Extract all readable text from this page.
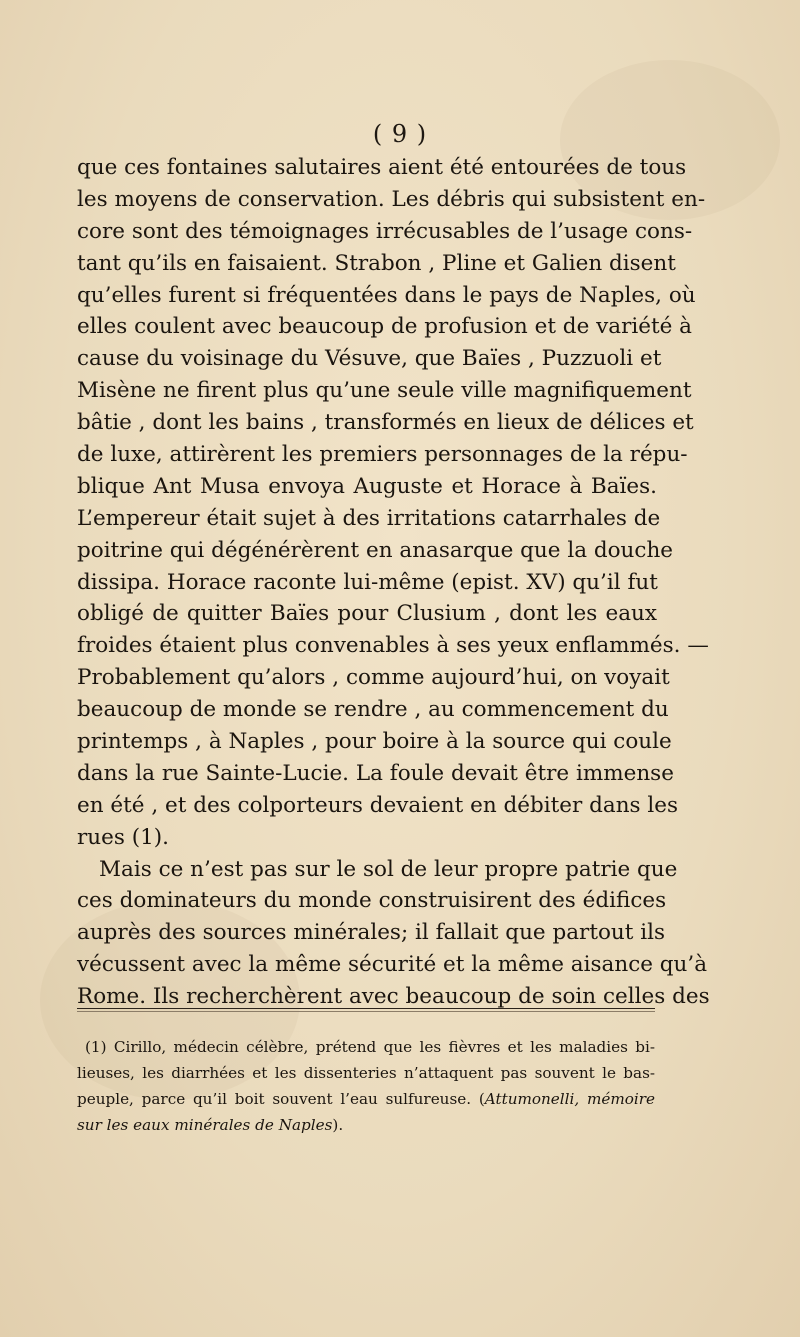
( 9 )
que ces fontaines salutaires aient été entourées de tous
les moyens de conservation. Les débris qui subsistent en-
core sont des témoignages irrécusables de l’usage cons-
tant qu’ils en faisaient. Strabon , Pline et Galien disent
qu’elles furent si fréquentées dans le pays de Naples, où
elles coulent avec beaucoup de profusion et de variété à
cause du voisinage du Vésuve, que Baïes , Puzzuoli et
Misène ne firent plus qu’une seule ville magnifiquement
bâtie , dont les bains , transformés en lieux de délices et
de luxe, attirèrent les premiers personnages de la répu-
blique Ant Musa envoya Auguste et Horace à Baïes.
L’empereur était sujet à des irritations catarrhales de
poitrine qui dégénérèrent en anasarque que la douche
dissipa. Horace raconte lui-même (epist. XV) qu’il fut
obligé de quitter Baïes pour Clusium , dont les eaux
froides étaient plus convenables à ses yeux enflammés. —
Probablement qu’alors , comme aujourd’hui, on voyait
beaucoup de monde se rendre , au commencement du
printemps , à Naples , pour boire à la source qui coule
dans la rue Sainte-Lucie. La foule devait être immense
en été , et des colporteurs devaient en débiter dans les
rues (1).
Mais ce n’est pas sur le sol de leur propre patrie que
ces dominateurs du monde construisirent des édifices
auprès des sources minérales; il fallait que partout ils
vécussent avec la même sécurité et la même aisance qu’à
Rome. Ils recherchèrent avec beaucoup de soin celles des
(1) Cirillo, médecin célèbre, prétend que les fièvres et les maladies bi-
lieuses, les diarrhées et les dissenteries n’attaquent pas souvent le bas-
peuple, parce qu’il boit souvent l’eau sulfureuse. (Attumonelli, mémoire
sur les eaux minérales de Naples).
